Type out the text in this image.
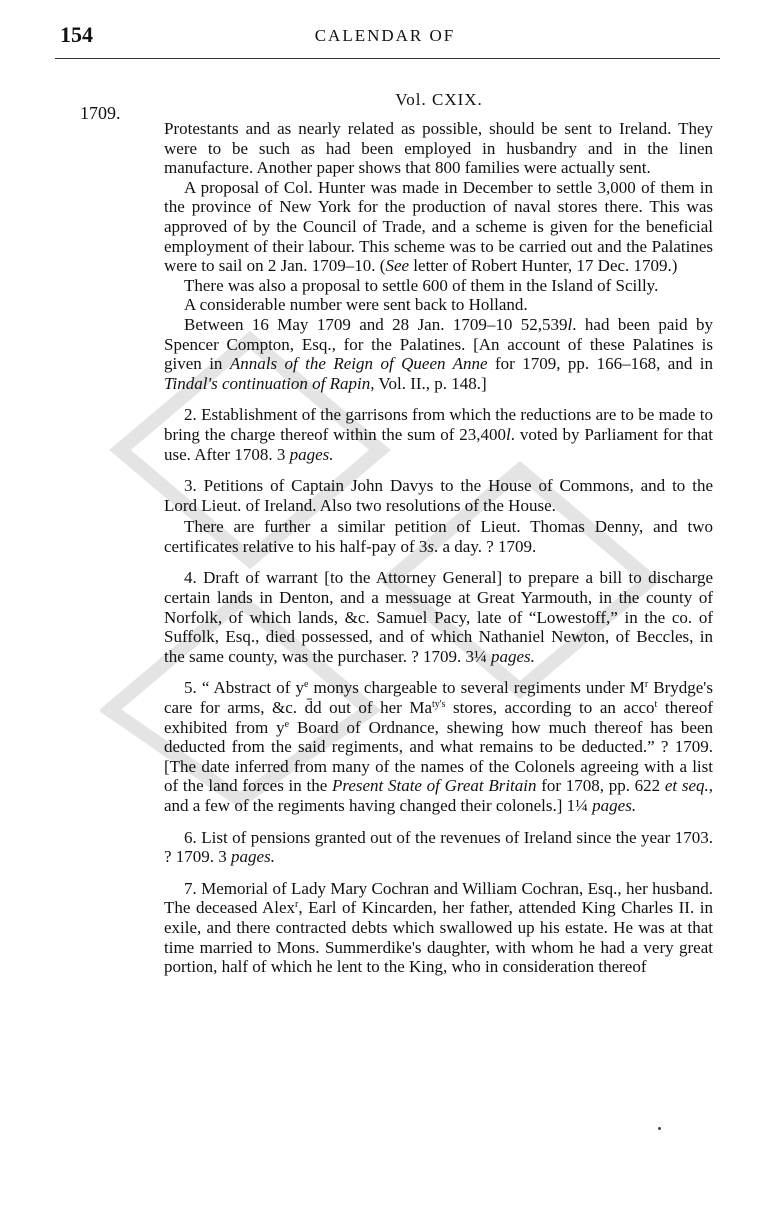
154	CALENDAR OF
1709.
Vol. CXIX.

Protestants and as nearly related as possible, should be sent to Ireland. They were to be such as had been employed in husbandry and in the linen manufacture. Another paper shows that 800 families were actually sent.

A proposal of Col. Hunter was made in December to settle 3,000 of them in the province of New York for the production of naval stores there. This was approved of by the Council of Trade, and a scheme is given for the beneficial employment of their labour. This scheme was to be carried out and the Palatines were to sail on 2 Jan. 1709–10. (See letter of Robert Hunter, 17 Dec. 1709.)

There was also a proposal to settle 600 of them in the Island of Scilly.

A considerable number were sent back to Holland.

Between 16 May 1709 and 28 Jan. 1709–10 52,539l. had been paid by Spencer Compton, Esq., for the Palatines. [An account of these Palatines is given in Annals of the Reign of Queen Anne for 1709, pp. 166–168, and in Tindal's continuation of Rapin, Vol. II., p. 148.]

2. Establishment of the garrisons from which the reductions are to be made to bring the charge thereof within the sum of 23,400l. voted by Parliament for that use. After 1708. 3 pages.

3. Petitions of Captain John Davys to the House of Commons, and to the Lord Lieut. of Ireland. Also two resolutions of the House.

There are further a similar petition of Lieut. Thomas Denny, and two certificates relative to his half-pay of 3s. a day. ? 1709.

4. Draft of warrant [to the Attorney General] to prepare a bill to discharge certain lands in Denton, and a messuage at Great Yarmouth, in the county of Norfolk, of which lands, &c. Samuel Pacy, late of “Lowestoff,” in the co. of Suffolk, Esq., died possessed, and of which Nathaniel Newton, of Beccles, in the same county, was the purchaser. ? 1709. 3¼ pages.

5. “ Abstract of $y^e$ monys chargeable to several regiments under $M^r$ Brydge's care for arms, &c. d̄d out of her $Ma^{ty's}$ stores, according to an acco$^t$ thereof exhibited from $y^e$ Board of Ordnance, shewing how much thereof has been deducted from the said regiments, and what remains to be deducted.” ? 1709. [The date inferred from many of the names of the Colonels agreeing with a list of the land forces in the Present State of Great Britain for 1708, pp. 622 et seq., and a few of the regiments having changed their colonels.] 1¼ pages.

6. List of pensions granted out of the revenues of Ireland since the year 1703. ? 1709. 3 pages.

7. Memorial of Lady Mary Cochran and William Cochran, Esq., her husband. The deceased Alex$^r$, Earl of Kincarden, her father, attended King Charles II. in exile, and there contracted debts which swallowed up his estate. He was at that time married to Mons. Summerdike's daughter, with whom he had a very great portion, half of which he lent to the King, who in consideration thereof
